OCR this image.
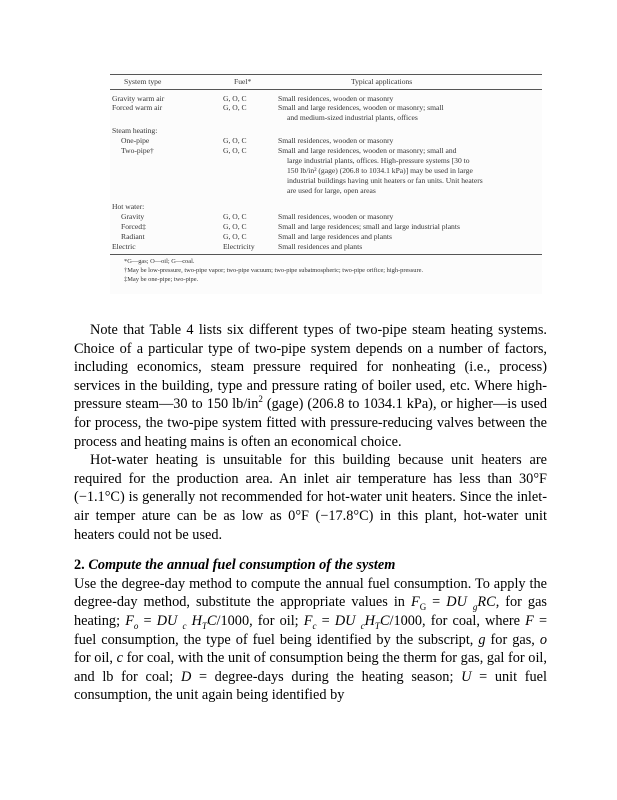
System type	Fuel*	Typical applications
Gravity warm air	G, O, C	Small residences, wooden or masonry
Forced warm air	G, O, C	Small and large residences, wooden or masonry; small
and medium-sized industrial plants, offices
Steam heating:
One-pipe	G, O, C	Small residences, wooden or masonry
Two-pipe†	G, O, C	Small and large residences, wooden or masonry; small and
large industrial plants, offices. High-pressure systems [30 to
150 lb/in² (gage) (206.8 to 1034.1 kPa)] may be used in large
industrial buildings having unit heaters or fan units. Unit heaters
are used for large, open areas
Hot water:
Gravity	G, O, C	Small residences, wooden or masonry
Forced‡	G, O, C	Small and large residences; small and large industrial plants
Radiant	G, O, C	Small and large residences and plants
Electric	Electricity	Small residences and plants
*G—gas; O—oil; G—coal.
†May be low-pressure, two-pipe vapor; two-pipe vacuum; two-pipe subatmospheric; two-pipe orifice; high-pressure.
‡May be one-pipe; two-pipe.

Note that Table 4 lists six different types of two-pipe steam heating systems. Choice of a particular type of two-pipe system depends on a number of factors, including economics, steam pressure required for nonheating (i.e., process) services in the building, type and pressure rating of boiler used, etc. Where high-pressure steam—30 to 150 $lb/in^2$ (gage) (206.8 to 1034.1 kPa), or higher—is used for process, the two-pipe system fitted with pressure-reducing valves between the process and heating mains is often an economical choice.

Hot-water heating is unsuitable for this building because unit heaters are required for the production area. An inlet air temperature has less than 30°F (−1.1°C) is generally not recommended for hot-water unit heaters. Since the inlet-air temper ature can be as low as 0°F (−17.8°C) in this plant, hot-water unit heaters could not be used.

2. Compute the annual fuel consumption of the system

Use the degree-day method to compute the annual fuel consumption. To apply the degree-day method, substitute the appropriate values in $F_G$ = DU $_g$RC, for gas heating; $F_o$ = DU $_c$ $H_TC/1000$, for oil; $F_c$ = DU $_cH_TC/1000$, for coal, where F = fuel consumption, the type of fuel being identified by the subscript, g for gas, o for oil, c for coal, with the unit of consumption being the therm for gas, gal for oil, and lb for coal; D = degree-days during the heating season; U = unit fuel consumption, the unit again being identified by
